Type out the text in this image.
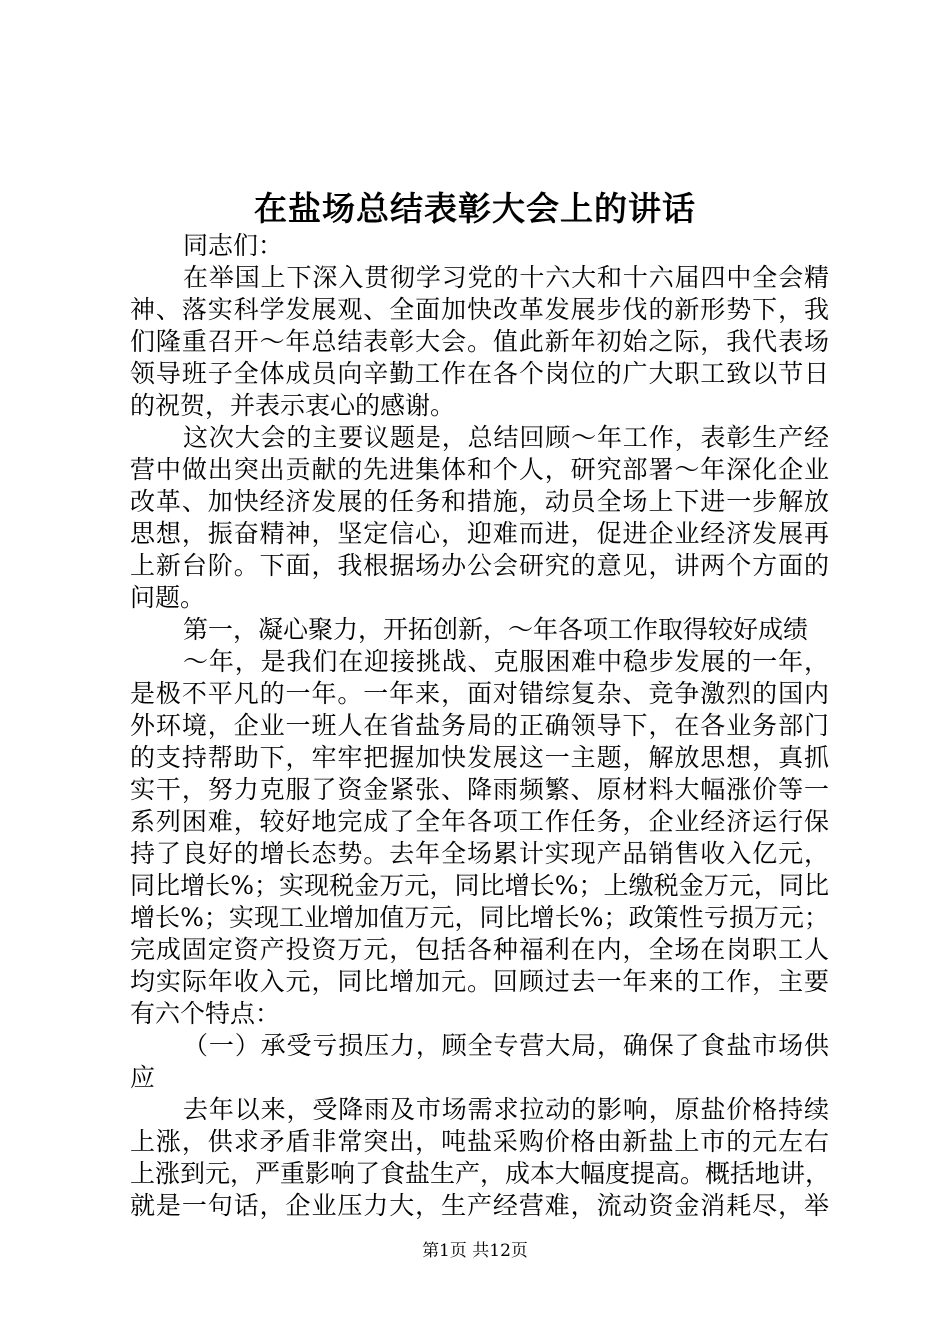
在盐场总结表彰大会上的讲话
同志们：
在举国上下深入贯彻学习党的十六大和十六届四中全会精
神、落实科学发展观、全面加快改革发展步伐的新形势下，我
们隆重召开～年总结表彰大会。值此新年初始之际，我代表场
领导班子全体成员向辛勤工作在各个岗位的广大职工致以节日
的祝贺，并表示衷心的感谢。
这次大会的主要议题是，总结回顾～年工作，表彰生产经
营中做出突出贡献的先进集体和个人，研究部署～年深化企业
改革、加快经济发展的任务和措施，动员全场上下进一步解放
思想，振奋精神，坚定信心，迎难而进，促进企业经济发展再
上新台阶。下面，我根据场办公会研究的意见，讲两个方面的
问题。
第一，凝心聚力，开拓创新，～年各项工作取得较好成绩
～年，是我们在迎接挑战、克服困难中稳步发展的一年，
是极不平凡的一年。一年来，面对错综复杂、竞争激烈的国内
外环境，企业一班人在省盐务局的正确领导下，在各业务部门
的支持帮助下，牢牢把握加快发展这一主题，解放思想，真抓
实干，努力克服了资金紧张、降雨频繁、原材料大幅涨价等一
系列困难，较好地完成了全年各项工作任务，企业经济运行保
持了良好的增长态势。去年全场累计实现产品销售收入亿元，
同比增长%；实现税金万元，同比增长%；上缴税金万元，同比
增长%；实现工业增加值万元，同比增长%；政策性亏损万元；
完成固定资产投资万元，包括各种福利在内，全场在岗职工人
均实际年收入元，同比增加元。回顾过去一年来的工作，主要
有六个特点：
（一）承受亏损压力，顾全专营大局，确保了食盐市场供
应
去年以来，受降雨及市场需求拉动的影响，原盐价格持续
上涨，供求矛盾非常突出，吨盐采购价格由新盐上市的元左右
上涨到元，严重影响了食盐生产，成本大幅度提高。概括地讲，
就是一句话，企业压力大，生产经营难，流动资金消耗尽，举
第1页 共12页
